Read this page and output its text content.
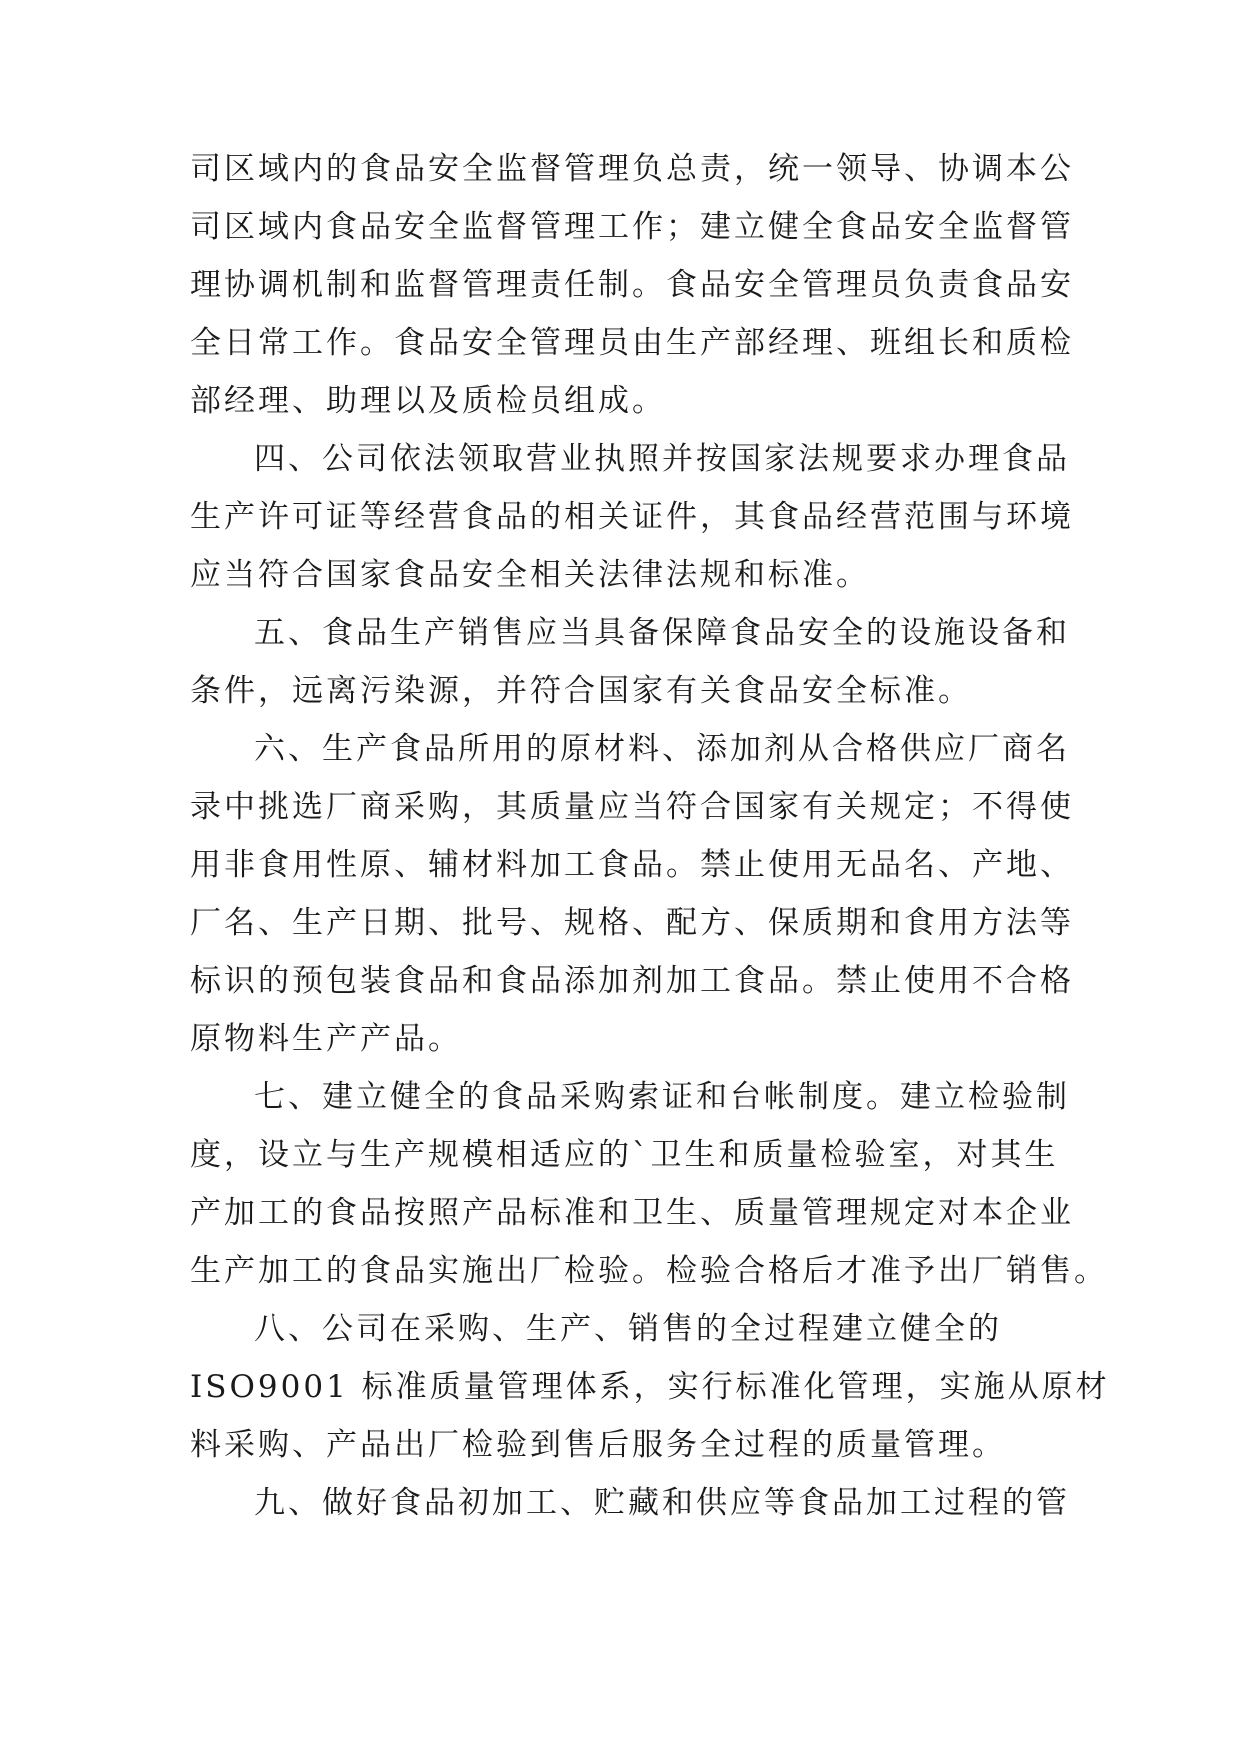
司区域内的食品安全监督管理负总责，统一领导、协调本公
司区域内食品安全监督管理工作；建立健全食品安全监督管
理协调机制和监督管理责任制。食品安全管理员负责食品安
全日常工作。食品安全管理员由生产部经理、班组长和质检
部经理、助理以及质检员组成。
四、公司依法领取营业执照并按国家法规要求办理食品
生产许可证等经营食品的相关证件，其食品经营范围与环境
应当符合国家食品安全相关法律法规和标准。
五、食品生产销售应当具备保障食品安全的设施设备和
条件，远离污染源，并符合国家有关食品安全标准。
六、生产食品所用的原材料、添加剂从合格供应厂商名
录中挑选厂商采购，其质量应当符合国家有关规定；不得使
用非食用性原、辅材料加工食品。禁止使用无品名、产地、
厂名、生产日期、批号、规格、配方、保质期和食用方法等
标识的预包装食品和食品添加剂加工食品。禁止使用不合格
原物料生产产品。
七、建立健全的食品采购索证和台帐制度。建立检验制
度，设立与生产规模相适应的`卫生和质量检验室，对其生
产加工的食品按照产品标准和卫生、质量管理规定对本企业
生产加工的食品实施出厂检验。检验合格后才准予出厂销售。
八、公司在采购、生产、销售的全过程建立健全的
ISO9001 标准质量管理体系，实行标准化管理，实施从原材
料采购、产品出厂检验到售后服务全过程的质量管理。
九、做好食品初加工、贮藏和供应等食品加工过程的管
